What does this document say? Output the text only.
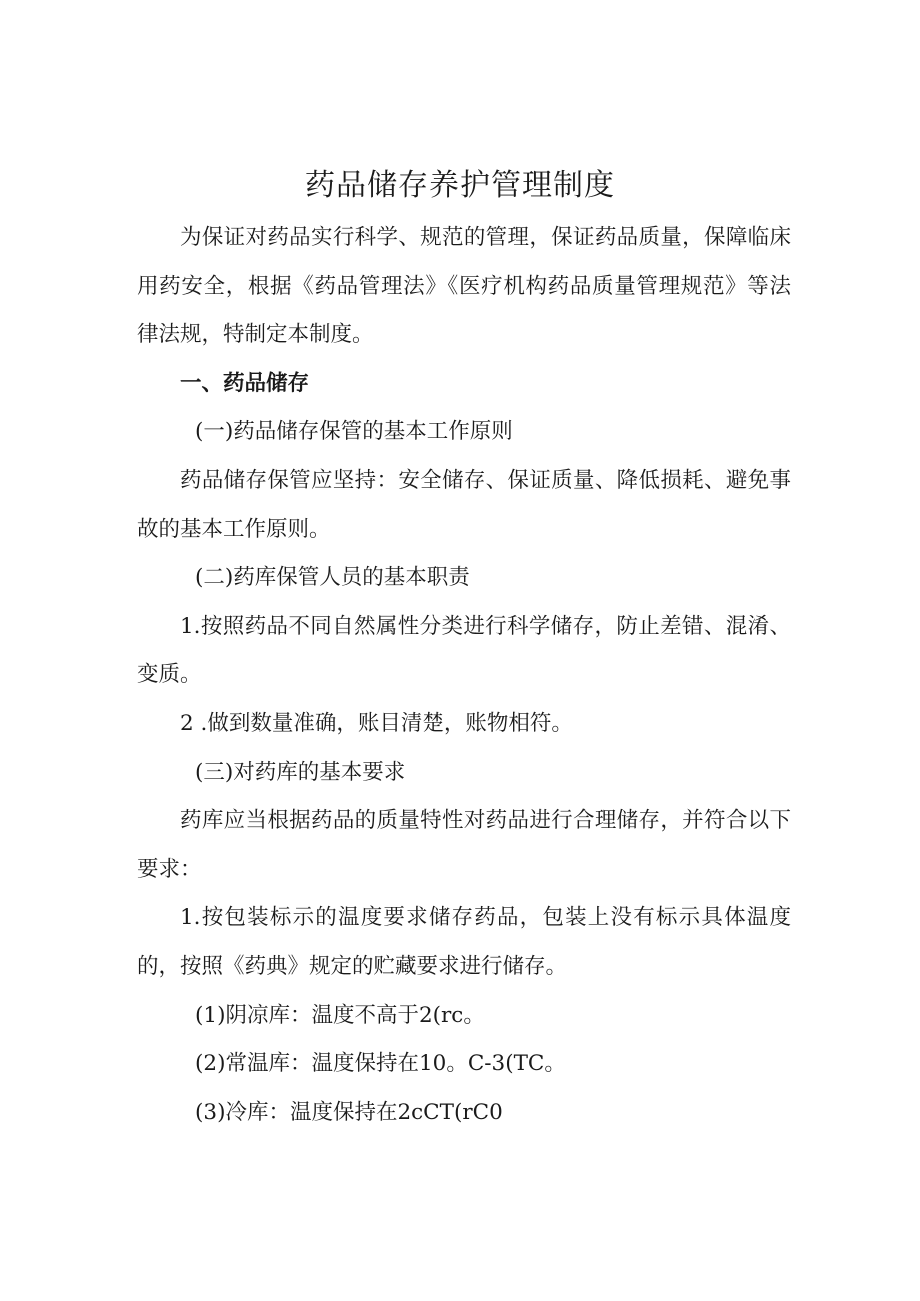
药品储存养护管理制度

为保证对药品实行科学、规范的管理，保证药品质量，保障临床用药安全，根据《药品管理法》《医疗机构药品质量管理规范》等法律法规，特制定本制度。

一、药品储存

(一)药品储存保管的基本工作原则

药品储存保管应坚持：安全储存、保证质量、降低损耗、避免事故的基本工作原则。

(二)药库保管人员的基本职责

1.按照药品不同自然属性分类进行科学储存，防止差错、混淆、变质。

2 .做到数量准确，账目清楚，账物相符。

(三)对药库的基本要求

药库应当根据药品的质量特性对药品进行合理储存，并符合以下要求：

1.按包装标示的温度要求储存药品，包装上没有标示具体温度的，按照《药典》规定的贮藏要求进行储存。

(1)阴凉库：温度不高于2(rc。

(2)常温库：温度保持在10。C-3(TC。

(3)冷库：温度保持在2cCT(rC0
